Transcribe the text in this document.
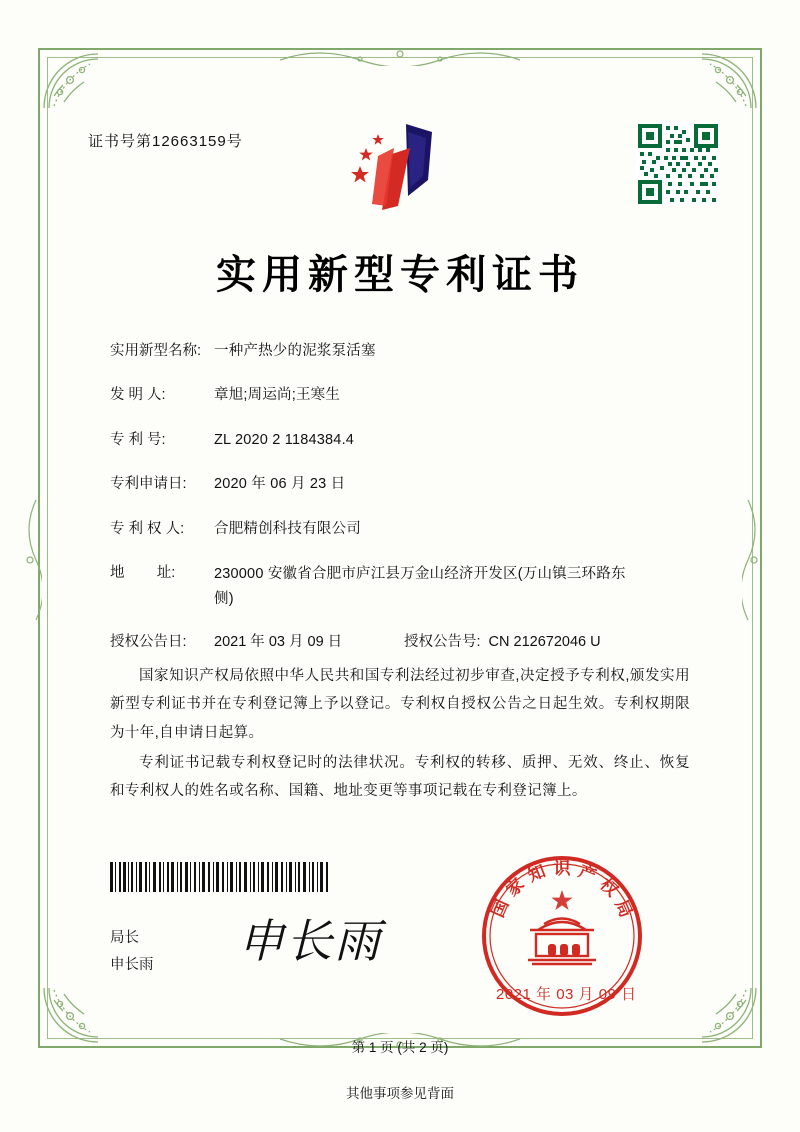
证书号第12663159号
实用新型专利证书
实用新型名称: 一种产热少的泥浆泵活塞
发 明 人:	章旭;周运尚;王寒生
专 利 号:	ZL 2020 2 1184384.4
专利申请日:	2020 年 06 月 23 日
专 利 权 人:	合肥精创科技有限公司
地        址:	230000 安徽省合肥市庐江县万金山经济开发区(万山镇三环路东侧)
授权公告日:	2021 年 03 月 09 日	授权公告号: CN 212672046 U

国家知识产权局依照中华人民共和国专利法经过初步审查,决定授予专利权,颁发实用新型专利证书并在专利登记簿上予以登记。专利权自授权公告之日起生效。专利权期限为十年,自申请日起算。

专利证书记载专利权登记时的法律状况。专利权的转移、质押、无效、终止、恢复和专利权人的姓名或名称、国籍、地址变更等事项记载在专利登记簿上。

局长
申长雨 申长雨
国
家
知 识 产
权
局
2021 年 03 月 09 日
第 1 页 (共 2 页)
其他事项参见背面
